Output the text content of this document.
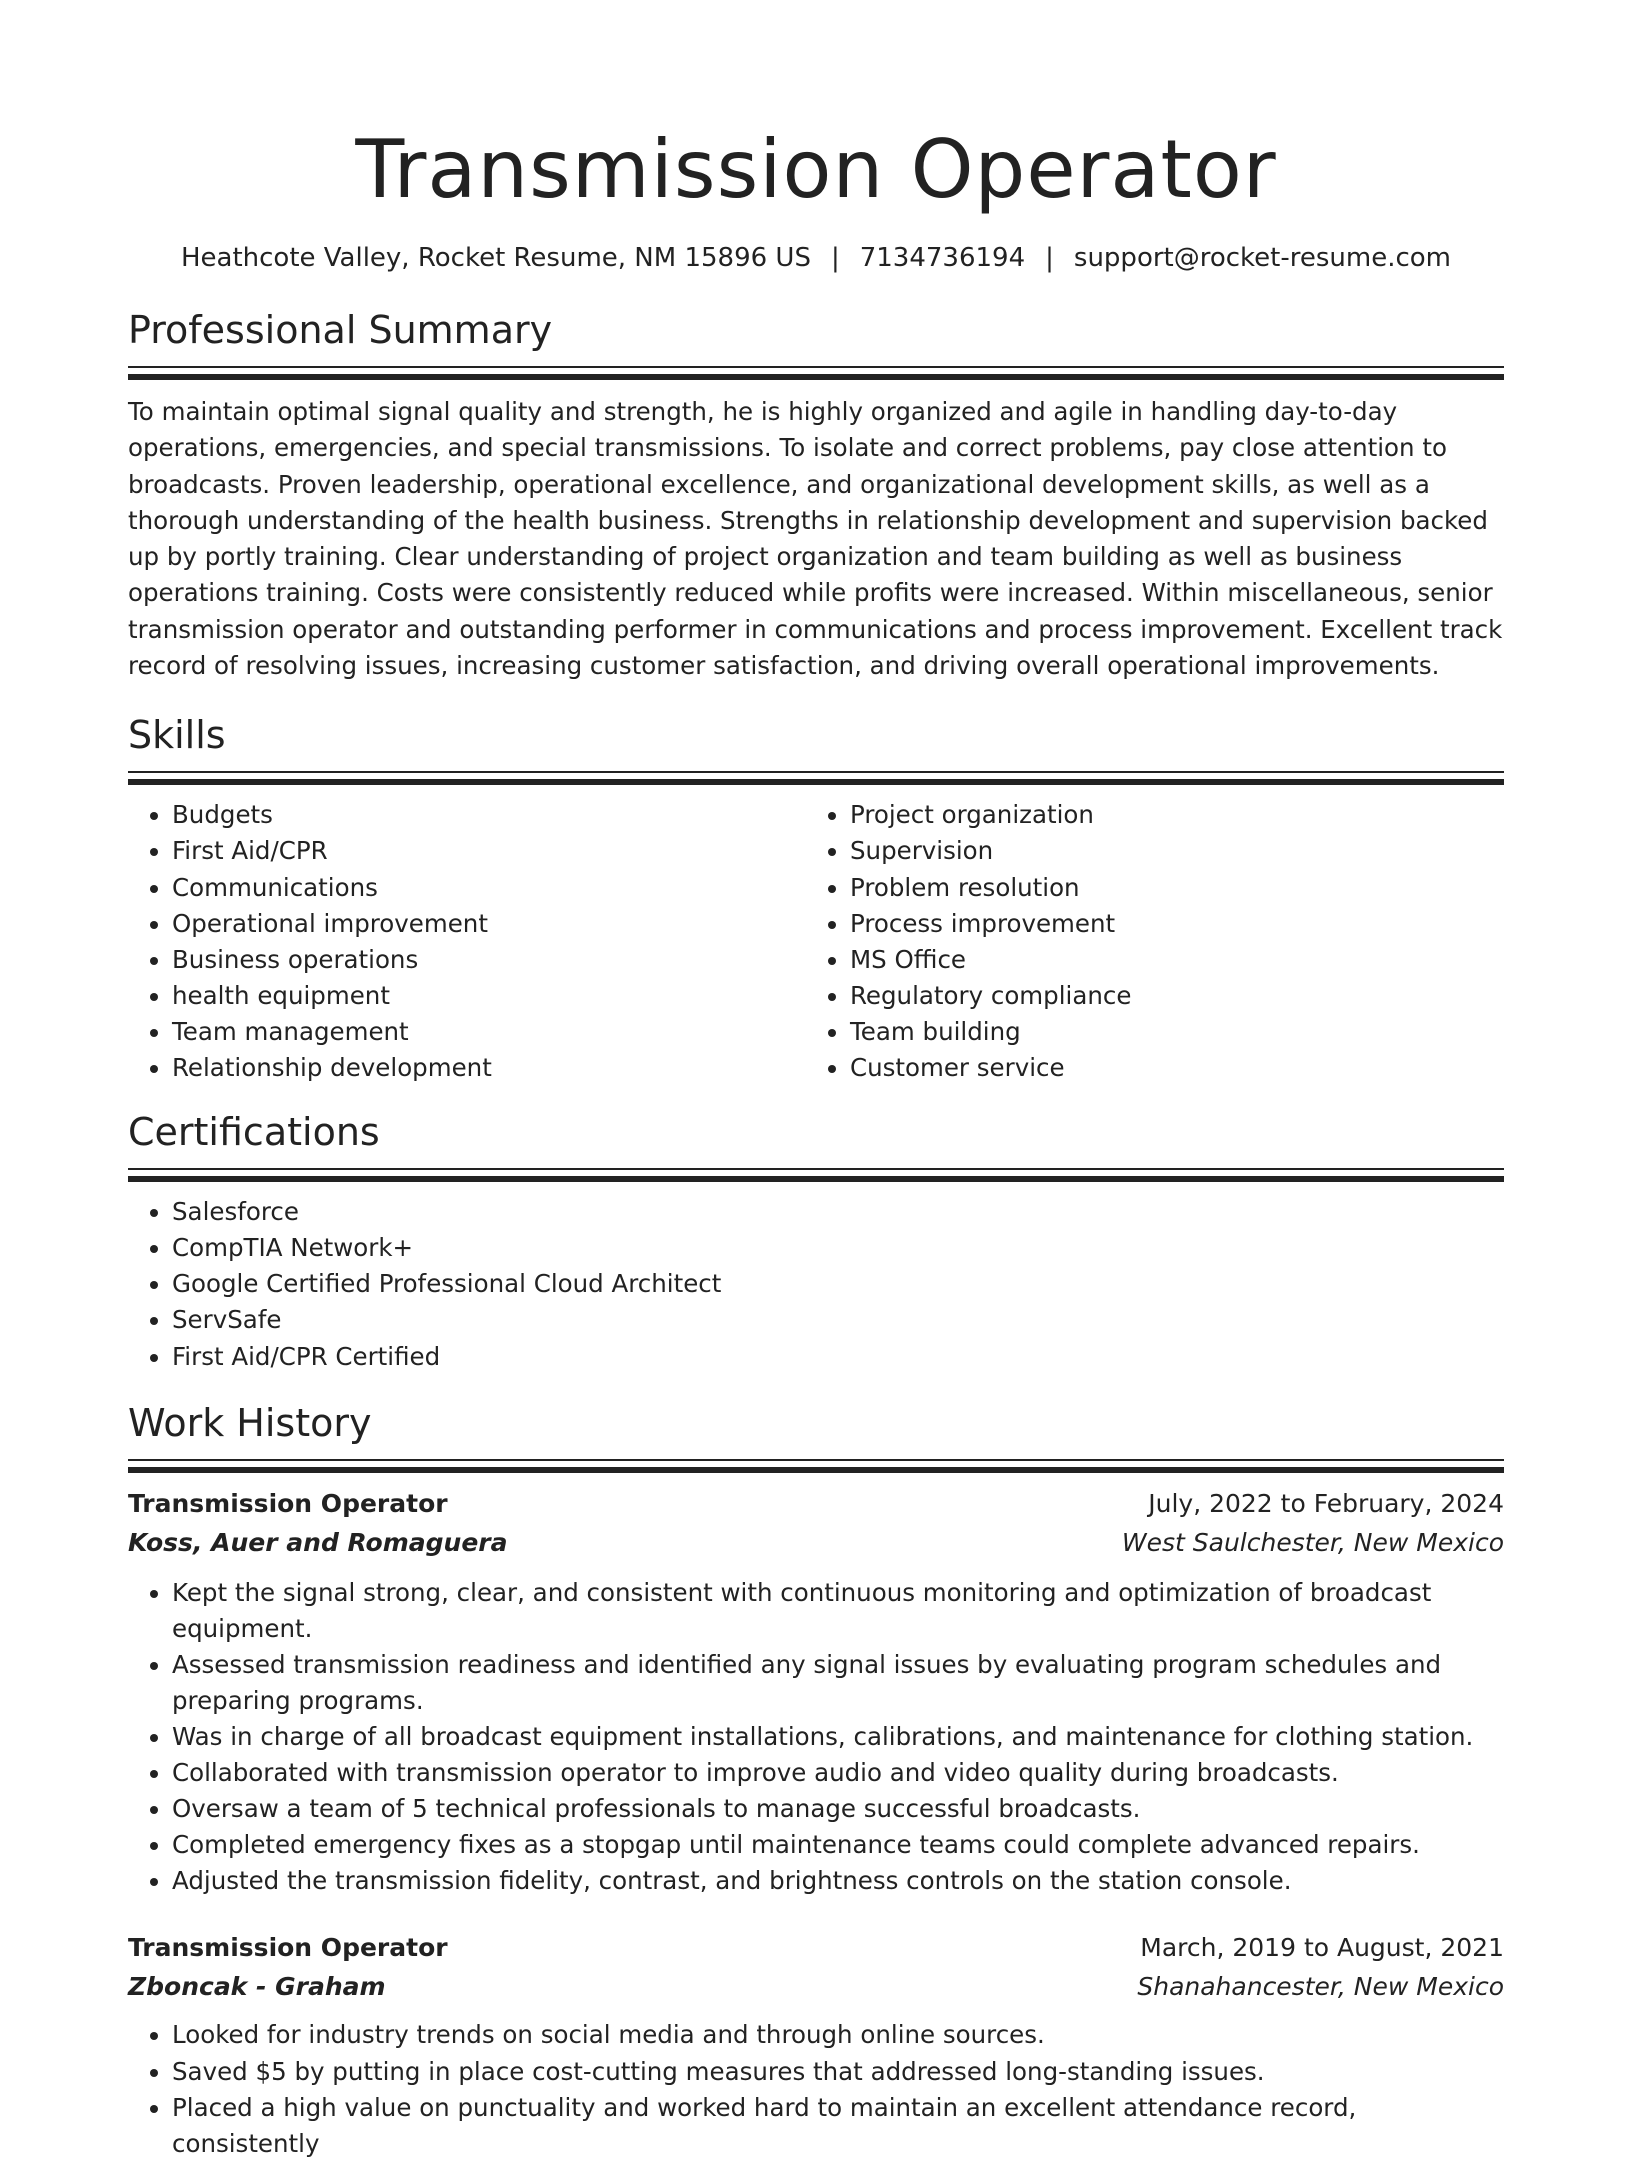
Transmission Operator
Heathcote Valley, Rocket Resume, NM 15896 US | 7134736194 | support@rocket-resume.com
Professional Summary

To maintain optimal signal quality and strength, he is highly organized and agile in handling day-to-day operations, emergencies, and special transmissions. To isolate and correct problems, pay close attention to broadcasts. Proven leadership, operational excellence, and organizational development skills, as well as a thorough understanding of the health business. Strengths in relationship development and supervision backed up by portly training. Clear understanding of project organization and team building as well as business operations training. Costs were consistently reduced while profits were increased. Within miscellaneous, senior transmission operator and outstanding performer in communications and process improvement. Excellent track record of resolving issues, increasing customer satisfaction, and driving overall operational improvements.

Skills
• Budgets
• First Aid/CPR
• Communications
• Operational improvement
• Business operations
• health equipment
• Team management
• Relationship development
• Project organization
• Supervision
• Problem resolution
• Process improvement
• MS Office
• Regulatory compliance
• Team building
• Customer service
Certifications
• Salesforce
• CompTIA Network+
• Google Certified Professional Cloud Architect
• ServSafe
• First Aid/CPR Certified
Work History
Transmission Operator	July, 2022 to February, 2024
Koss, Auer and Romaguera	West Saulchester, New Mexico
• Kept the signal strong, clear, and consistent with continuous monitoring and optimization of broadcast equipment.
• Assessed transmission readiness and identified any signal issues by evaluating program schedules and preparing programs.
• Was in charge of all broadcast equipment installations, calibrations, and maintenance for clothing station.
• Collaborated with transmission operator to improve audio and video quality during broadcasts.
• Oversaw a team of 5 technical professionals to manage successful broadcasts.
• Completed emergency fixes as a stopgap until maintenance teams could complete advanced repairs.
• Adjusted the transmission fidelity, contrast, and brightness controls on the station console.
Transmission Operator	March, 2019 to August, 2021
Zboncak - Graham	Shanahancester, New Mexico
• Looked for industry trends on social media and through online sources.
• Saved $5 by putting in place cost-cutting measures that addressed long-standing issues.
• Placed a high value on punctuality and worked hard to maintain an excellent attendance record, consistently
